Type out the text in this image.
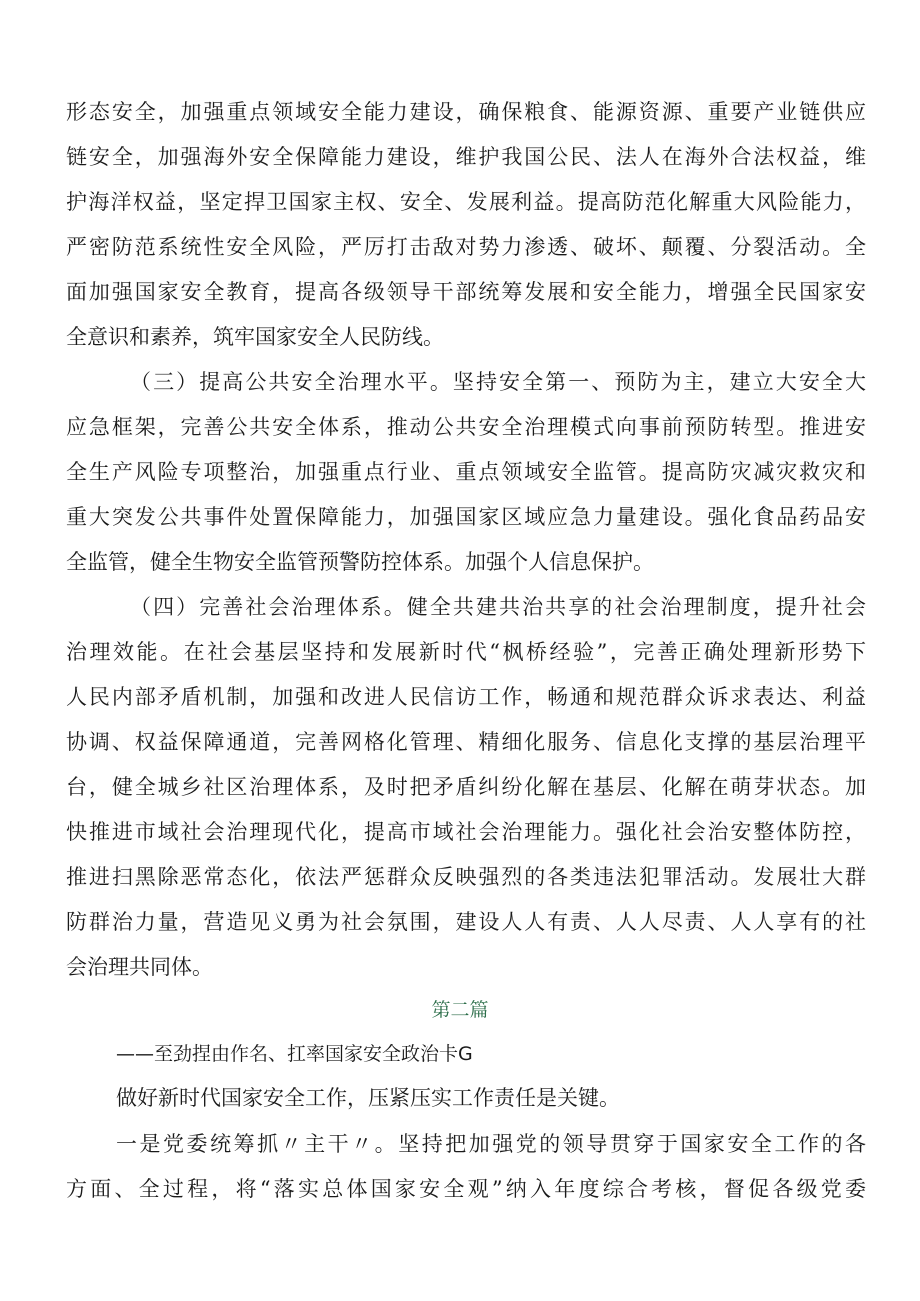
形态安全，加强重点领域安全能力建设，确保粮食、能源资源、重要产业链供应
链安全，加强海外安全保障能力建设，维护我国公民、法人在海外合法权益，维
护海洋权益，坚定捍卫国家主权、安全、发展利益。提高防范化解重大风险能力，
严密防范系统性安全风险，严厉打击敌对势力渗透、破坏、颠覆、分裂活动。全
面加强国家安全教育，提高各级领导干部统筹发展和安全能力，增强全民国家安
全意识和素养，筑牢国家安全人民防线。
（三）提高公共安全治理水平。坚持安全第一、预防为主，建立大安全大
应急框架，完善公共安全体系，推动公共安全治理模式向事前预防转型。推进安
全生产风险专项整治，加强重点行业、重点领域安全监管。提高防灾减灾救灾和
重大突发公共事件处置保障能力，加强国家区域应急力量建设。强化食品药品安
全监管，健全生物安全监管预警防控体系。加强个人信息保护。
（四）完善社会治理体系。健全共建共治共享的社会治理制度，提升社会
治理效能。在社会基层坚持和发展新时代“枫桥经验”，完善正确处理新形势下
人民内部矛盾机制，加强和改进人民信访工作，畅通和规范群众诉求表达、利益
协调、权益保障通道，完善网格化管理、精细化服务、信息化支撑的基层治理平
台，健全城乡社区治理体系，及时把矛盾纠纷化解在基层、化解在萌芽状态。加
快推进市域社会治理现代化，提高市域社会治理能力。强化社会治安整体防控，
推进扫黑除恶常态化，依法严惩群众反映强烈的各类违法犯罪活动。发展壮大群
防群治力量，营造见义勇为社会氛围，建设人人有责、人人尽责、人人享有的社
会治理共同体。
第二篇
——至劲捏由作名、扛率国家安全政治卡G
做好新时代国家安全工作，压紧压实工作责任是关键。
一是党委统筹抓〃主干〃。坚持把加强党的领导贯穿于国家安全工作的各
方面、全过程，将“落实总体国家安全观”纳入年度综合考核，督促各级党委
